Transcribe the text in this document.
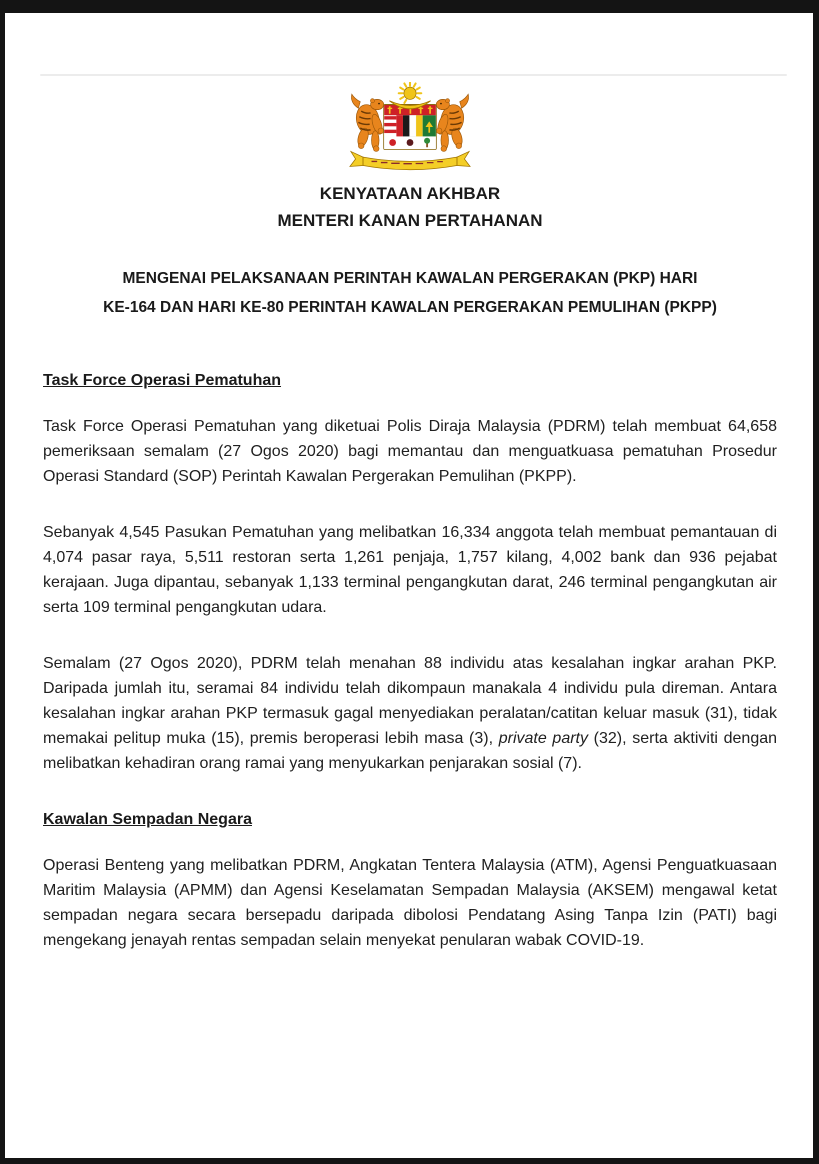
KENYATAAN AKHBAR
MENTERI KANAN PERTAHANAN
MENGENAI PELAKSANAAN PERINTAH KAWALAN PERGERAKAN (PKP) HARI
KE-164 DAN HARI KE-80 PERINTAH KAWALAN PERGERAKAN PEMULIHAN (PKPP)
Task Force Operasi Pematuhan

Task Force Operasi Pematuhan yang diketuai Polis Diraja Malaysia (PDRM) telah membuat 64,658 pemeriksaan semalam (27 Ogos 2020) bagi memantau dan menguatkuasa pematuhan Prosedur Operasi Standard (SOP) Perintah Kawalan Pergerakan Pemulihan (PKPP).

Sebanyak 4,545 Pasukan Pematuhan yang melibatkan 16,334 anggota telah membuat pemantauan di 4,074 pasar raya, 5,511 restoran serta 1,261 penjaja, 1,757 kilang, 4,002 bank dan 936 pejabat kerajaan. Juga dipantau, sebanyak 1,133 terminal pengangkutan darat, 246 terminal pengangkutan air serta 109 terminal pengangkutan udara.

Semalam (27 Ogos 2020), PDRM telah menahan 88 individu atas kesalahan ingkar arahan PKP. Daripada jumlah itu, seramai 84 individu telah dikompaun manakala 4 individu pula direman. Antara kesalahan ingkar arahan PKP termasuk gagal menyediakan peralatan/catitan keluar masuk (31), tidak memakai pelitup muka (15), premis beroperasi lebih masa (3), private party (32), serta aktiviti dengan melibatkan kehadiran orang ramai yang menyukarkan penjarakan sosial (7).

Kawalan Sempadan Negara

Operasi Benteng yang melibatkan PDRM, Angkatan Tentera Malaysia (ATM), Agensi Penguatkuasaan Maritim Malaysia (APMM) dan Agensi Keselamatan Sempadan Malaysia (AKSEM) mengawal ketat sempadan negara secara bersepadu daripada dibolosi Pendatang Asing Tanpa Izin (PATI) bagi mengekang jenayah rentas sempadan selain menyekat penularan wabak COVID-19.
